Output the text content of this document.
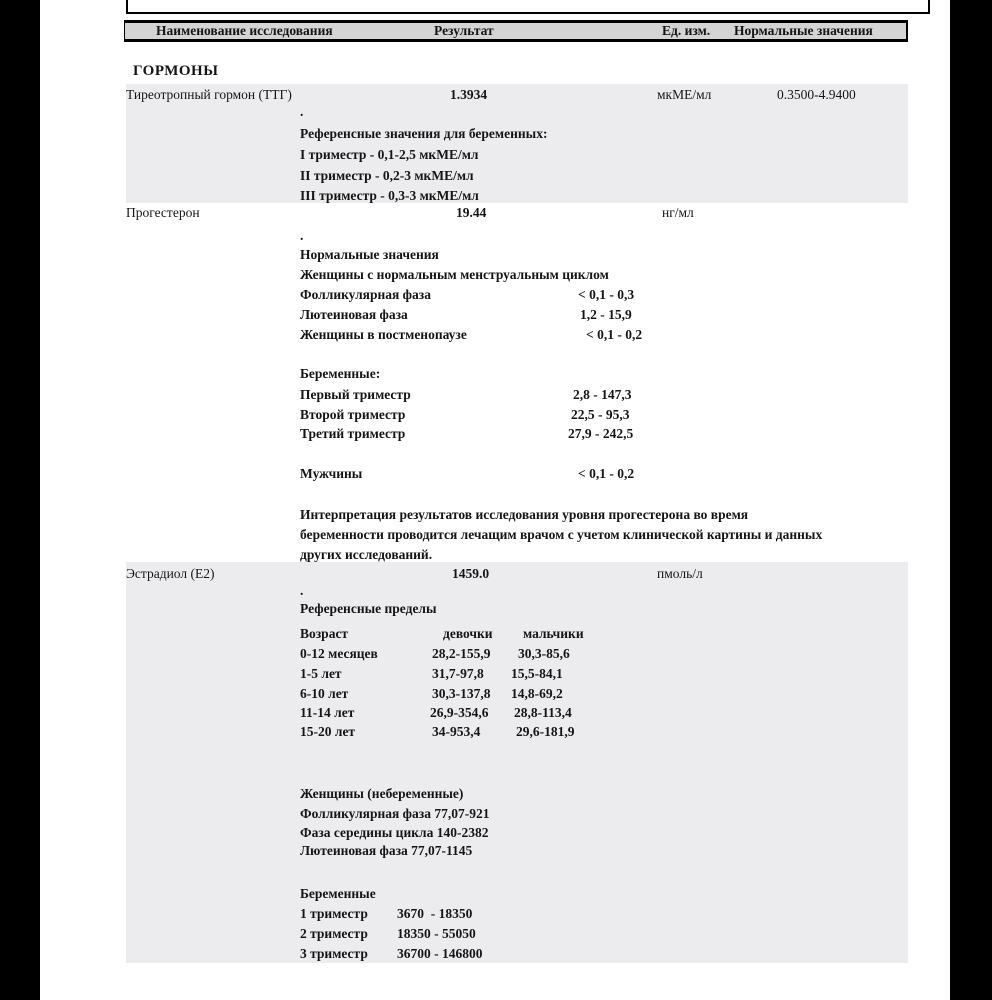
Наименование исследования	Результат	Ед. изм. Нормальные значения
ГОРМОНЫ
Тиреотропный гормон (ТТГ)	1.3934	мкМЕ/мл	0.3500-4.9400
.
Референсные значения для беременных:
I триместр - 0,1-2,5 мкМЕ/мл
II триместр - 0,2-3 мкМЕ/мл
III триместр - 0,3-3 мкМЕ/мл
Прогестерон	19.44	нг/мл
.
Нормальные значения
Женщины с нормальным менструальным циклом
Фолликулярная фаза	< 0,1 - 0,3
Лютеиновая фаза	1,2 - 15,9
Женщины в постменопаузе	< 0,1 - 0,2
Беременные:
Первый триместр	2,8 - 147,3
Второй триместр	22,5 - 95,3
Третий триместр	27,9 - 242,5
Мужчины	< 0,1 - 0,2
Интерпретация результатов исследования уровня прогестерона во время беременности проводится лечащим врачом с учетом клинической картины и данных других исследований.
Эстрадиол (Е2)	1459.0	пмоль/л
.
Референсные пределы
Возраст	девочки мальчики
0-12 месяцев	28,2-155,9 30,3-85,6
1-5 лет	31,7-97,8 15,5-84,1
6-10 лет	30,3-137,8 14,8-69,2
11-14 лет	26,9-354,6 28,8-113,4
15-20 лет	34-953,4	29,6-181,9
Женщины (небеременные)
Фолликулярная фаза 77,07-921
Фаза середины цикла 140-2382
Лютеиновая фаза 77,07-1145
Беременные
1 триместр 3670  - 18350
2 триместр 18350 - 55050
3 триместр 36700 - 146800
